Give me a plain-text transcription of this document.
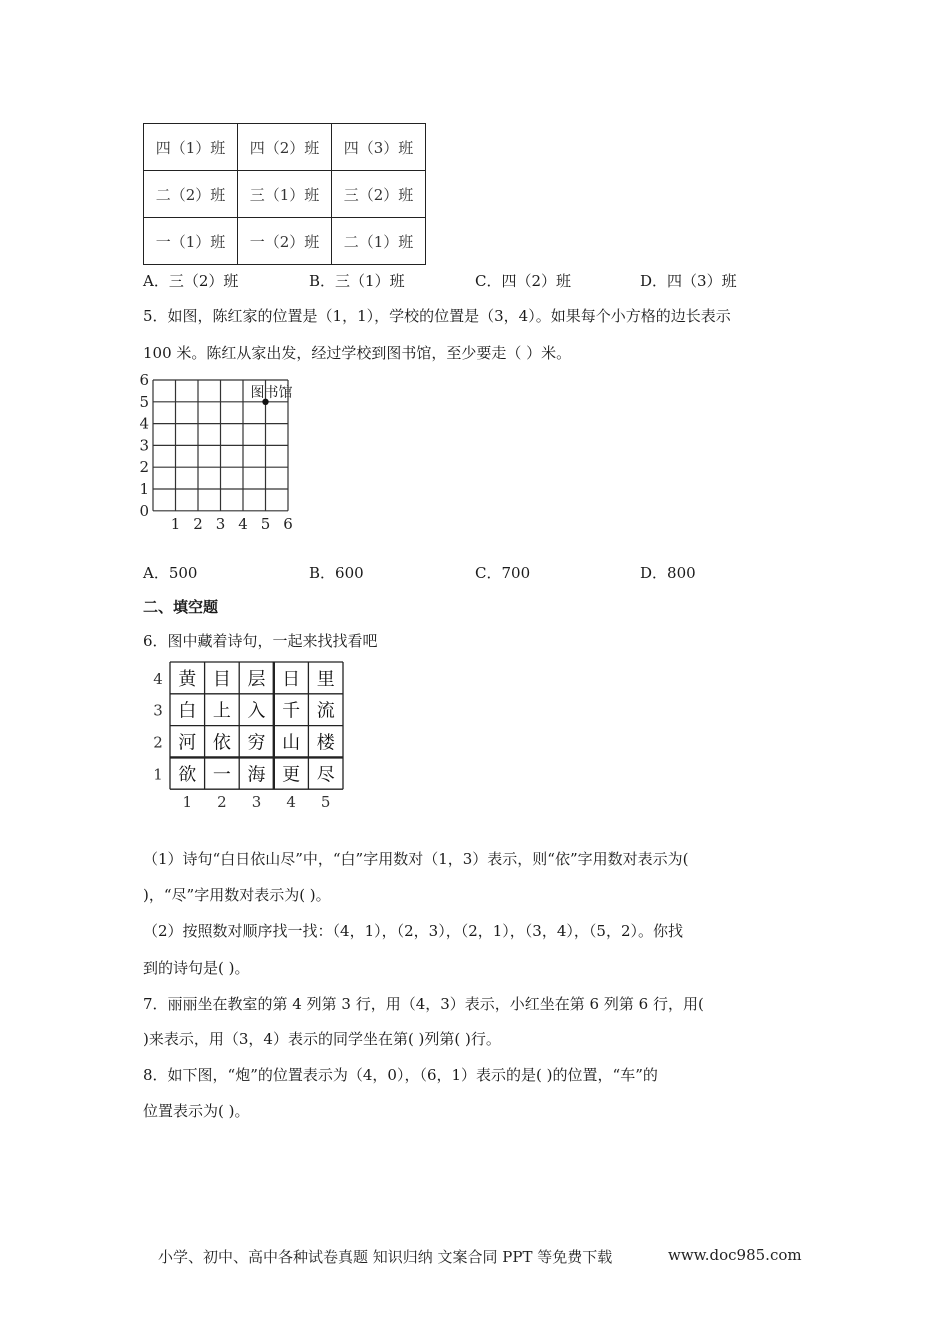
四（1）班	四（2）班	四（3）班
二（2）班	三（1）班	三（2）班
一（1）班	一（2）班	二（1）班
A．三（2）班	B．三（1）班	C．四（2）班	D．四（3）班
5．如图，陈红家的位置是（1，1），学校的位置是（3，4）。如果每个小方格的边长表示
100 米。陈红从家出发，经过学校到图书馆，至少要走（ ）米。
0
1
2
3
4
5
6
1 2 3 4 5 6
图书馆
A．500	B．600	C．700	D．800
二、填空题
6．图中藏着诗句，一起来找找看吧
黄 目 层 日 里
白 上 入 千 流
河 依 穷 山 楼
欲 一 海 更 尽
4
3
2
1
1 2 3 4 5
（1）诗句“白日依山尽”中，“白”字用数对（1，3）表示，则“依”字用数对表示为(
)，“尽”字用数对表示为( )。
（2）按照数对顺序找一找：（4，1），（2，3），（2，1），（3，4），（5，2）。你找
到的诗句是( )。
7．丽丽坐在教室的第 4 列第 3 行，用（4，3）表示，小红坐在第 6 列第 6 行，用(
)来表示，用（3，4）表示的同学坐在第( )列第( )行。
8．如下图，“炮”的位置表示为（4，0），（6，1）表示的是( )的位置，“车”的
位置表示为( )。
小学、初中、高中各种试卷真题 知识归纳 文案合同 PPT 等免费下载	www.doc985.com
